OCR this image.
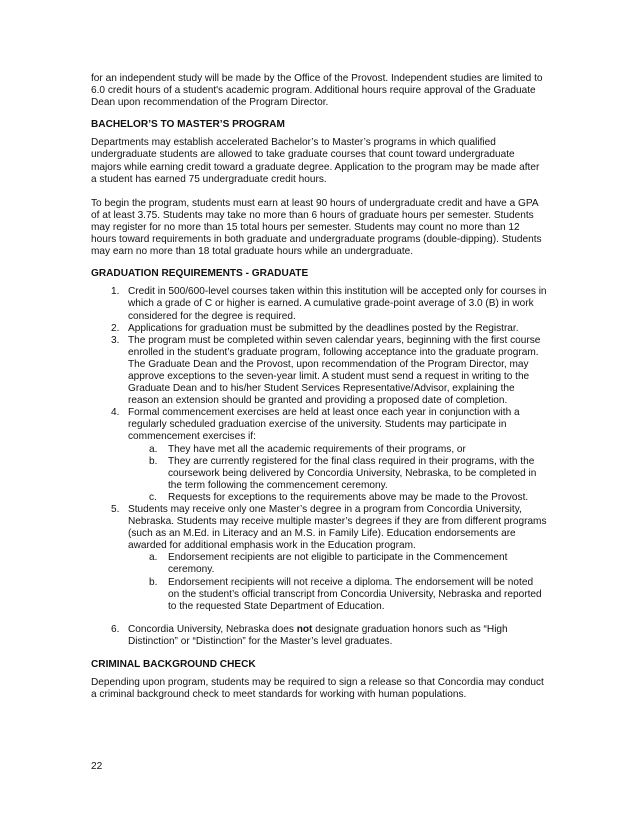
for an independent study will be made by the Office of the Provost. Independent studies are limited to 6.0 credit hours of a student's academic program. Additional hours require approval of the Graduate Dean upon recommendation of the Program Director.

BACHELOR’S TO MASTER’S PROGRAM

Departments may establish accelerated Bachelor’s to Master’s programs in which qualified undergraduate students are allowed to take graduate courses that count toward undergraduate majors while earning credit toward a graduate degree. Application to the program may be made after a student has earned 75 undergraduate credit hours.

To begin the program, students must earn at least 90 hours of undergraduate credit and have a GPA of at least 3.75. Students may take no more than 6 hours of graduate hours per semester. Students may register for no more than 15 total hours per semester. Students may count no more than 12 hours toward requirements in both graduate and undergraduate programs (double-dipping). Students may earn no more than 18 total graduate hours while an undergraduate.

GRADUATION REQUIREMENTS - GRADUATE
1. Credit in 500/600-level courses taken within this institution will be accepted only for courses in which a grade of C or higher is earned. A cumulative grade-point average of 3.0 (B) in work considered for the degree is required.
2. Applications for graduation must be submitted by the deadlines posted by the Registrar.
3. The program must be completed within seven calendar years, beginning with the first course enrolled in the student’s graduate program, following acceptance into the graduate program. The Graduate Dean and the Provost, upon recommendation of the Program Director, may approve exceptions to the seven-year limit. A student must send a request in writing to the Graduate Dean and to his/her Student Services Representative/Advisor, explaining the reason an extension should be granted and providing a proposed date of completion.
4. Formal commencement exercises are held at least once each year in conjunction with a regularly scheduled graduation exercise of the university. Students may participate in commencement exercises if:
a. They have met all the academic requirements of their programs, or
b. They are currently registered for the final class required in their programs, with the coursework being delivered by Concordia University, Nebraska, to be completed in the term following the commencement ceremony.
c. Requests for exceptions to the requirements above may be made to the Provost.
5. Students may receive only one Master’s degree in a program from Concordia University, Nebraska. Students may receive multiple master’s degrees if they are from different programs (such as an M.Ed. in Literacy and an M.S. in Family Life). Education endorsements are awarded for additional emphasis work in the Education program.
a. Endorsement recipients are not eligible to participate in the Commencement ceremony.
b. Endorsement recipients will not receive a diploma. The endorsement will be noted on the student’s official transcript from Concordia University, Nebraska and reported to the requested State Department of Education.
6. Concordia University, Nebraska does not designate graduation honors such as “High Distinction” or “Distinction” for the Master’s level graduates.
CRIMINAL BACKGROUND CHECK

Depending upon program, students may be required to sign a release so that Concordia may conduct a criminal background check to meet standards for working with human populations.

22
